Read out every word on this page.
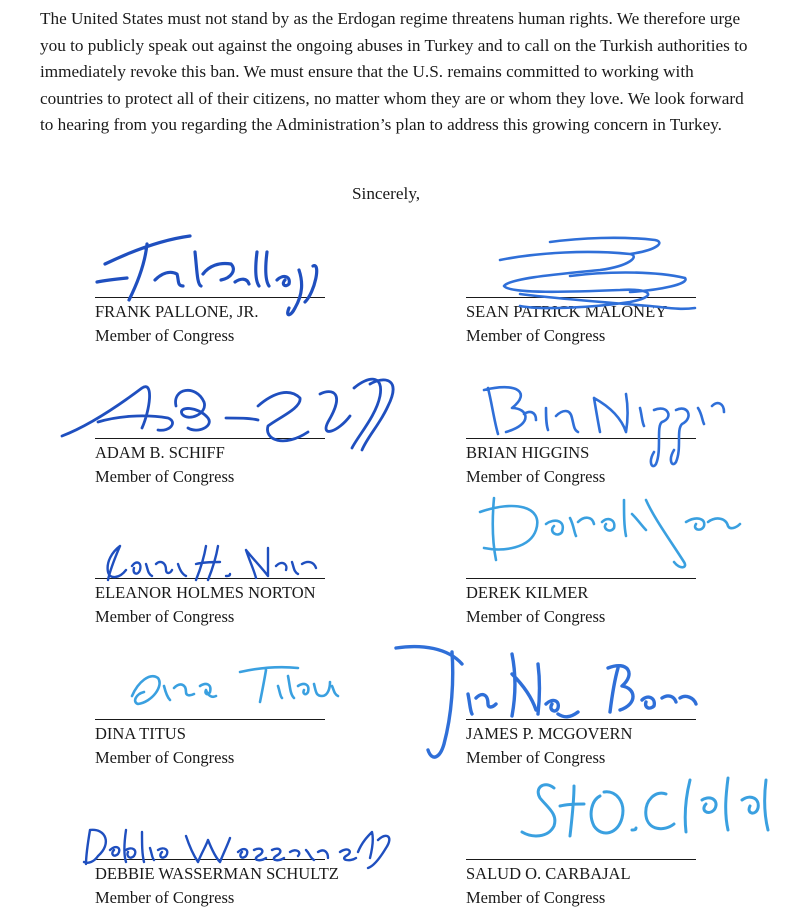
The United States must not stand by as the Erdogan regime threatens human rights. We therefore urge you to publicly speak out against the ongoing abuses in Turkey and to call on the Turkish authorities to immediately revoke this ban. We must ensure that the U.S. remains committed to working with countries to protect all of their citizens, no matter whom they are or whom they love. We look forward to hearing from you regarding the Administration’s plan to address this growing concern in Turkey.

Sincerely,

FRANK PALLONE, JR.
Member of Congress
ADAM B. SCHIFF
Member of Congress
ELEANOR HOLMES NORTON
Member of Congress
DINA TITUS
Member of Congress
DEBBIE WASSERMAN SCHULTZ
Member of Congress
SEAN PATRICK MALONEY
Member of Congress
BRIAN HIGGINS
Member of Congress
DEREK KILMER
Member of Congress
JAMES P. MCGOVERN
Member of Congress
SALUD O. CARBAJAL
Member of Congress
